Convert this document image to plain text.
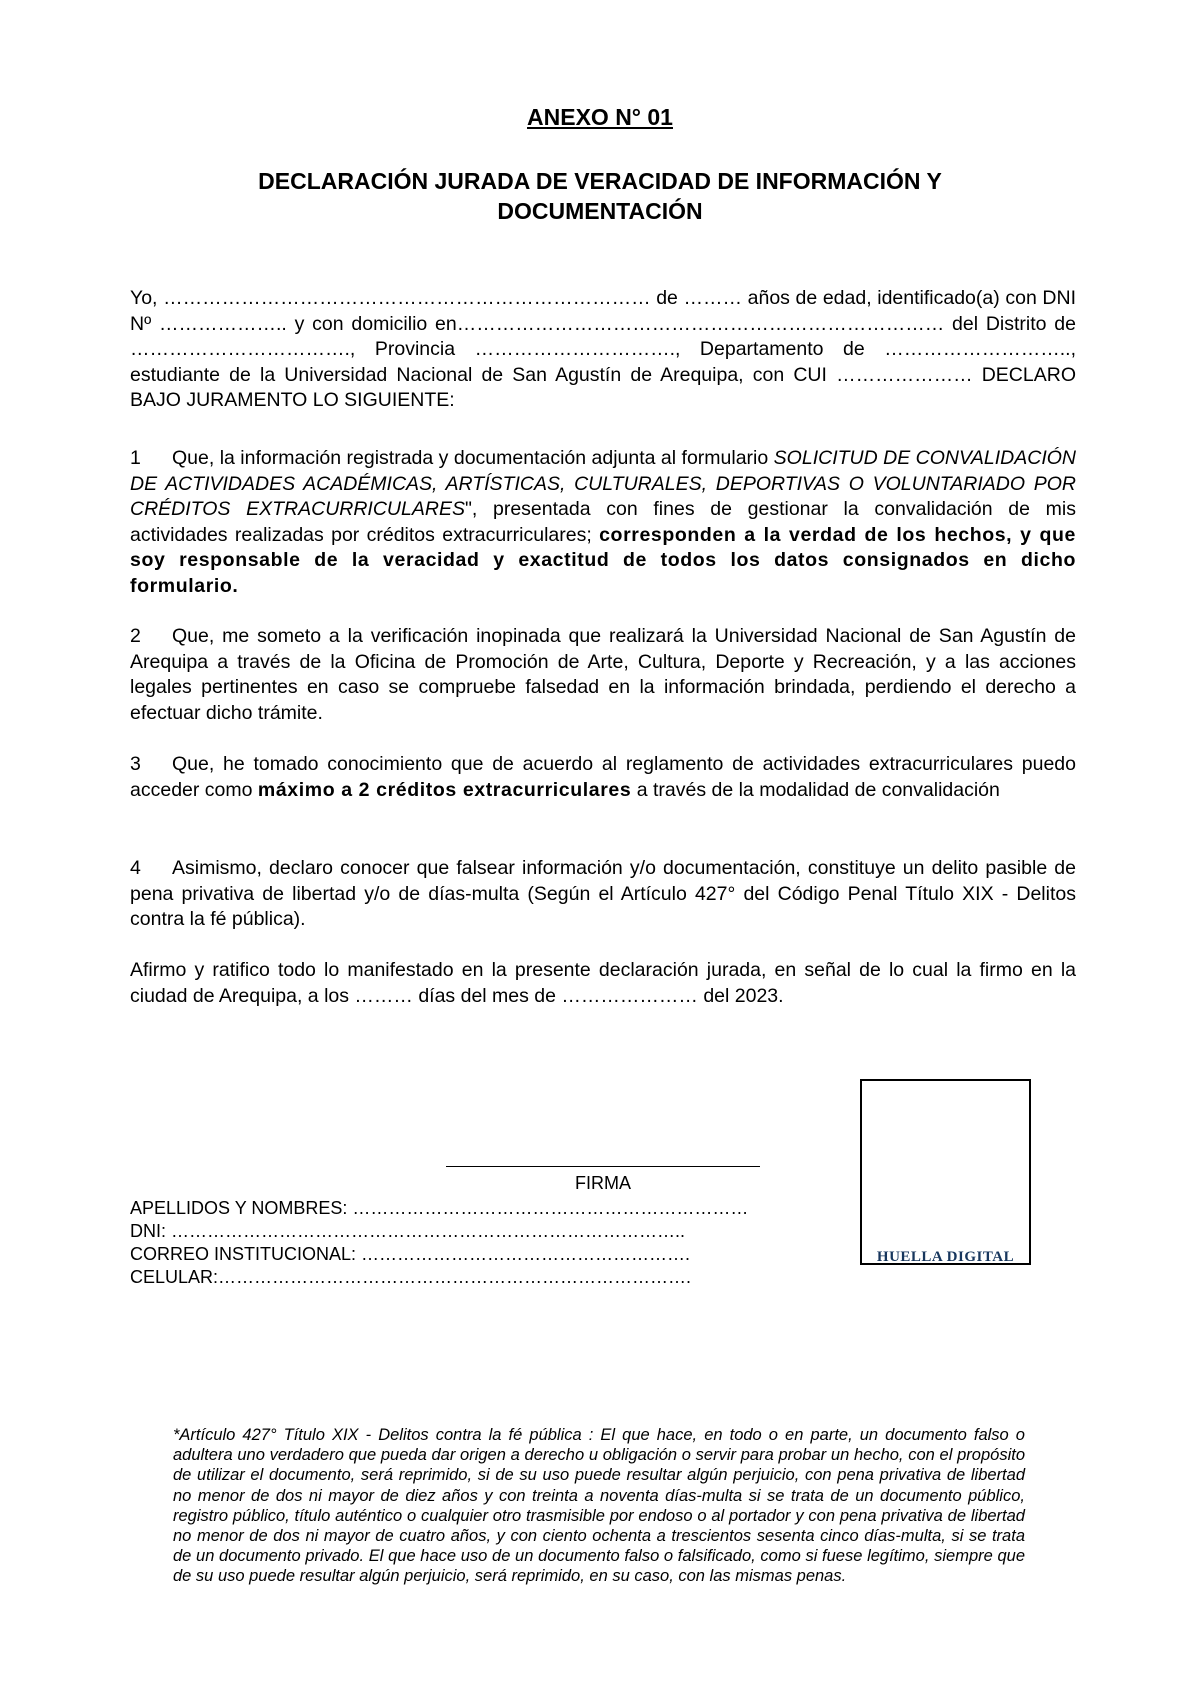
ANEXO N° 01

DECLARACIÓN JURADA DE VERACIDAD DE INFORMACIÓN Y
DOCUMENTACIÓN

Yo, ………………………………………………………………… de ……… años de edad, identificado(a) con DNI Nº ……………….. y con domicilio en………………………………………………………………… del Distrito de ……………………………., Provincia …………………………., Departamento de ……………………….., estudiante de la Universidad Nacional de San Agustín de Arequipa, con CUI ………………… DECLARO BAJO JURAMENTO LO SIGUIENTE:

1 Que, la información registrada y documentación adjunta al formulario SOLICITUD DE CONVALIDACIÓN DE ACTIVIDADES ACADÉMICAS, ARTÍSTICAS, CULTURALES, DEPORTIVAS O VOLUNTARIADO POR CRÉDITOS EXTRACURRICULARES", presentada con fines de gestionar la convalidación de mis actividades realizadas por créditos extracurriculares; corresponden a la verdad de los hechos, y que soy responsable de la veracidad y exactitud de todos los datos consignados en dicho formulario.

2 Que, me someto a la verificación inopinada que realizará la Universidad Nacional de San Agustín de Arequipa a través de la Oficina de Promoción de Arte, Cultura, Deporte y Recreación, y a las acciones legales pertinentes en caso se compruebe falsedad en la información brindada, perdiendo el derecho a efectuar dicho trámite.

3 Que, he tomado conocimiento que de acuerdo al reglamento de actividades extracurriculares puedo acceder como máximo a 2 créditos extracurriculares a través de la modalidad de convalidación

4 Asimismo, declaro conocer que falsear información y/o documentación, constituye un delito pasible de pena privativa de libertad y/o de días-multa (Según el Artículo 427° del Código Penal Título XIX - Delitos contra la fé pública).

Afirmo y ratifico todo lo manifestado en la presente declaración jurada, en señal de lo cual la firmo en la ciudad de Arequipa, a los ……… días del mes de ………………… del 2023.

FIRMA
APELLIDOS Y NOMBRES: …………………………………………………………
DNI: …………………………………………………………………………..
CORREO INSTITUCIONAL: ……………………………………………….
CELULAR:…………………………………………………………………….
HUELLA DIGITAL

*Artículo 427° Título XIX - Delitos contra la fé pública : El que hace, en todo o en parte, un documento falso o adultera uno verdadero que pueda dar origen a derecho u obligación o servir para probar un hecho, con el propósito de utilizar el documento, será reprimido, si de su uso puede resultar algún perjuicio, con pena privativa de libertad no menor de dos ni mayor de diez años y con treinta a noventa días-multa si se trata de un documento público, registro público, título auténtico o cualquier otro trasmisible por endoso o al portador y con pena privativa de libertad no menor de dos ni mayor de cuatro años, y con ciento ochenta a trescientos sesenta cinco días-multa, si se trata de un documento privado. El que hace uso de un documento falso o falsificado, como si fuese legítimo, siempre que de su uso puede resultar algún perjuicio, será reprimido, en su caso, con las mismas penas.
